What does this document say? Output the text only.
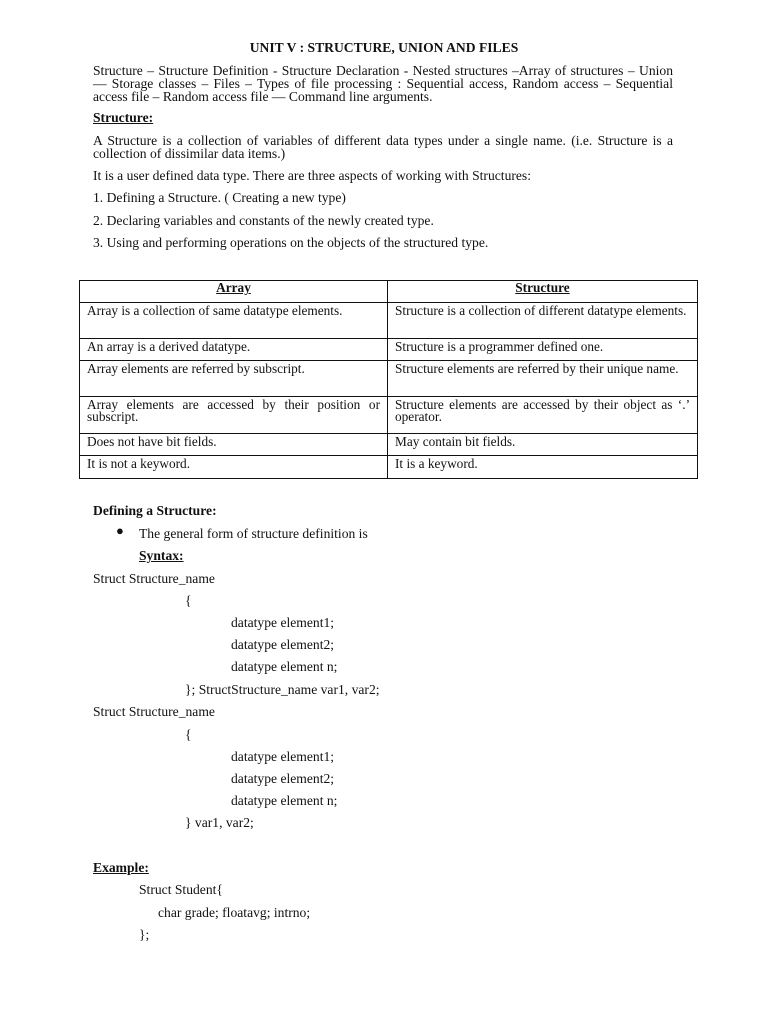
UNIT V : STRUCTURE, UNION AND FILES
Structure – Structure Definition - Structure Declaration - Nested structures –Array of structures – Union — Storage classes – Files – Types of file processing : Sequential access, Random access – Sequential access file – Random access file — Command line arguments.
Structure:
A Structure is a collection of variables of different data types under a single name. (i.e. Structure is a collection of dissimilar data items.)
It is a user defined data type. There are three aspects of working with Structures:
1. Defining a Structure. ( Creating a new type)
2. Declaring variables and constants of the newly created type.
3. Using and performing operations on the objects of the structured type.
Array	Structure
Array is a collection of same datatype elements.	Structure is a collection of different datatype elements.
An array is a derived datatype.	Structure is a programmer defined one.
Array elements are referred by subscript.	Structure elements are referred by their unique name.
Array elements are accessed by their position or subscript.	Structure elements are accessed by their object as ‘.’ operator.
Does not have bit fields.	May contain bit fields.
It is not a keyword.	It is a keyword.
Defining a Structure:
● The general form of structure definition is
Syntax:
Struct Structure_name
{
datatype element1;
datatype element2;
datatype element n;
}; StructStructure_name var1, var2;
Struct Structure_name
{
datatype element1;
datatype element2;
datatype element n;
} var1, var2;
Example:
Struct Student{
char grade; floatavg; intrno;
};
